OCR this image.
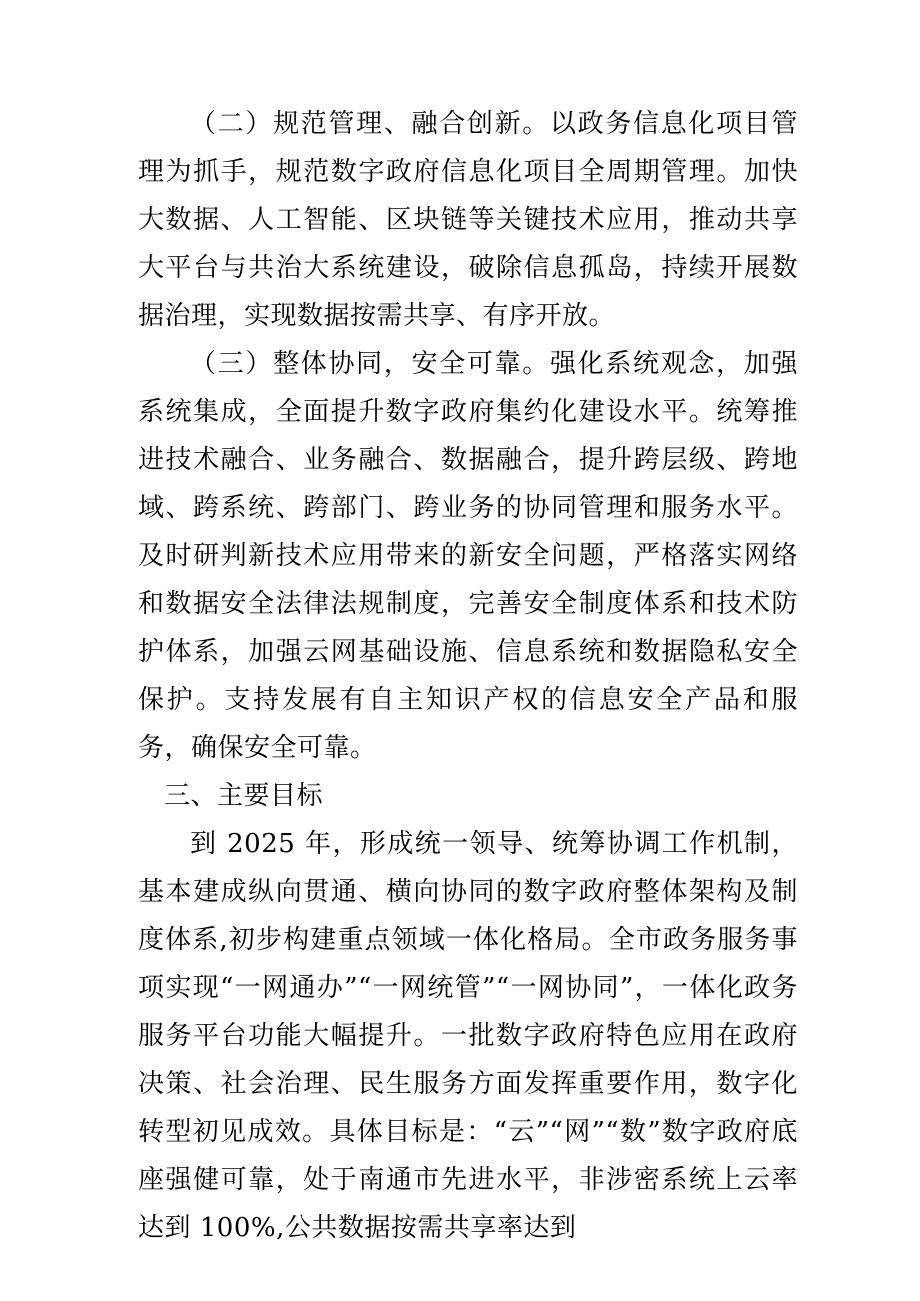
（二）规范管理、融合创新。以政务信息化项目管理为抓手，规范数字政府信息化项目全周期管理。加快大数据、人工智能、区块链等关键技术应用，推动共享大平台与共治大系统建设，破除信息孤岛，持续开展数据治理，实现数据按需共享、有序开放。

（三）整体协同，安全可靠。强化系统观念，加强系统集成，全面提升数字政府集约化建设水平。统筹推进技术融合、业务融合、数据融合，提升跨层级、跨地域、跨系统、跨部门、跨业务的协同管理和服务水平。及时研判新技术应用带来的新安全问题，严格落实网络和数据安全法律法规制度，完善安全制度体系和技术防护体系，加强云网基础设施、信息系统和数据隐私安全保护。支持发展有自主知识产权的信息安全产品和服务，确保安全可靠。

三、主要目标

到 2025 年，形成统一领导、统筹协调工作机制，基本建成纵向贯通、横向协同的数字政府整体架构及制度体系,初步构建重点领域一体化格局。全市政务服务事项实现“一网通办”“一网统管”“一网协同”，一体化政务服务平台功能大幅提升。一批数字政府特色应用在政府决策、社会治理、民生服务方面发挥重要作用，数字化转型初见成效。具体目标是：“云”“网”“数”数字政府底座强健可靠，处于南通市先进水平，非涉密系统上云率达到 100%,公共数据按需共享率达到
